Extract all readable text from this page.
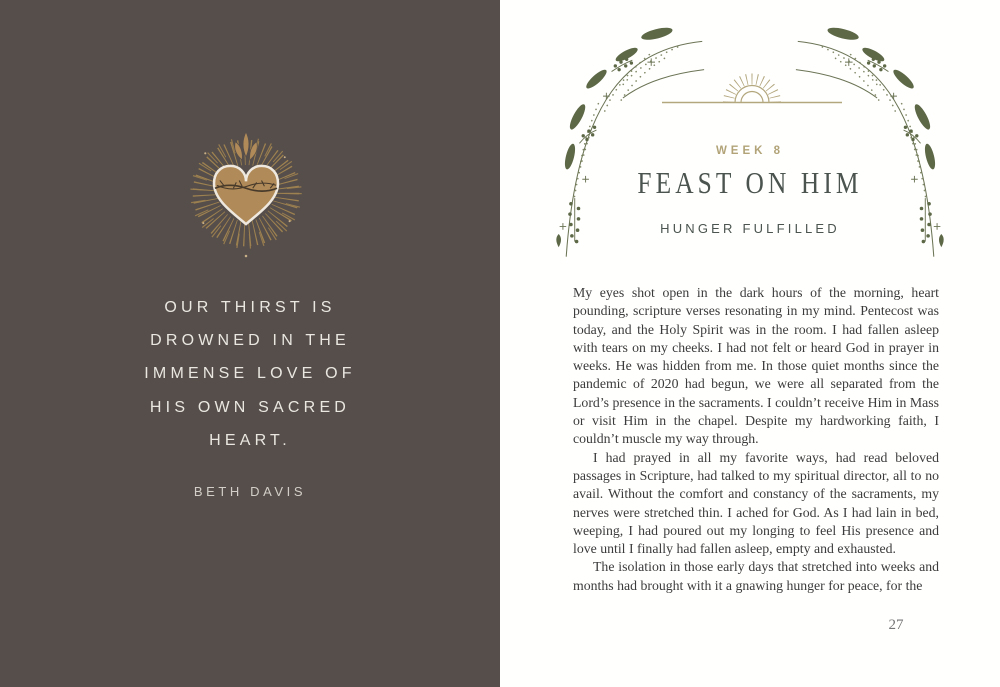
OUR THIRST IS
DROWNED IN THE
IMMENSE LOVE OF
HIS OWN SACRED
HEART.
BETH DAVIS
WEEK 8
FEAST ON HIM
HUNGER FULFILLED

My eyes shot open in the dark hours of the morning, heart pounding, scripture verses resonating in my mind. Pentecost was today, and the Holy Spirit was in the room. I had fallen asleep with tears on my cheeks. I had not felt or heard God in prayer in weeks. He was hidden from me. In those quiet months since the pandemic of 2020 had begun, we were all separated from the Lord’s presence in the sacraments. I couldn’t receive Him in Mass or visit Him in the chapel. Despite my hardworking faith, I couldn’t muscle my way through.

I had prayed in all my favorite ways, had read beloved passages in Scripture, had talked to my spiritual director, all to no avail. Without the comfort and constancy of the sacraments, my nerves were stretched thin. I ached for God. As I had lain in bed, weeping, I had poured out my longing to feel His presence and love until I finally had fallen asleep, empty and exhausted.

The isolation in those early days that stretched into weeks and months had brought with it a gnawing hunger for peace, for the

27
